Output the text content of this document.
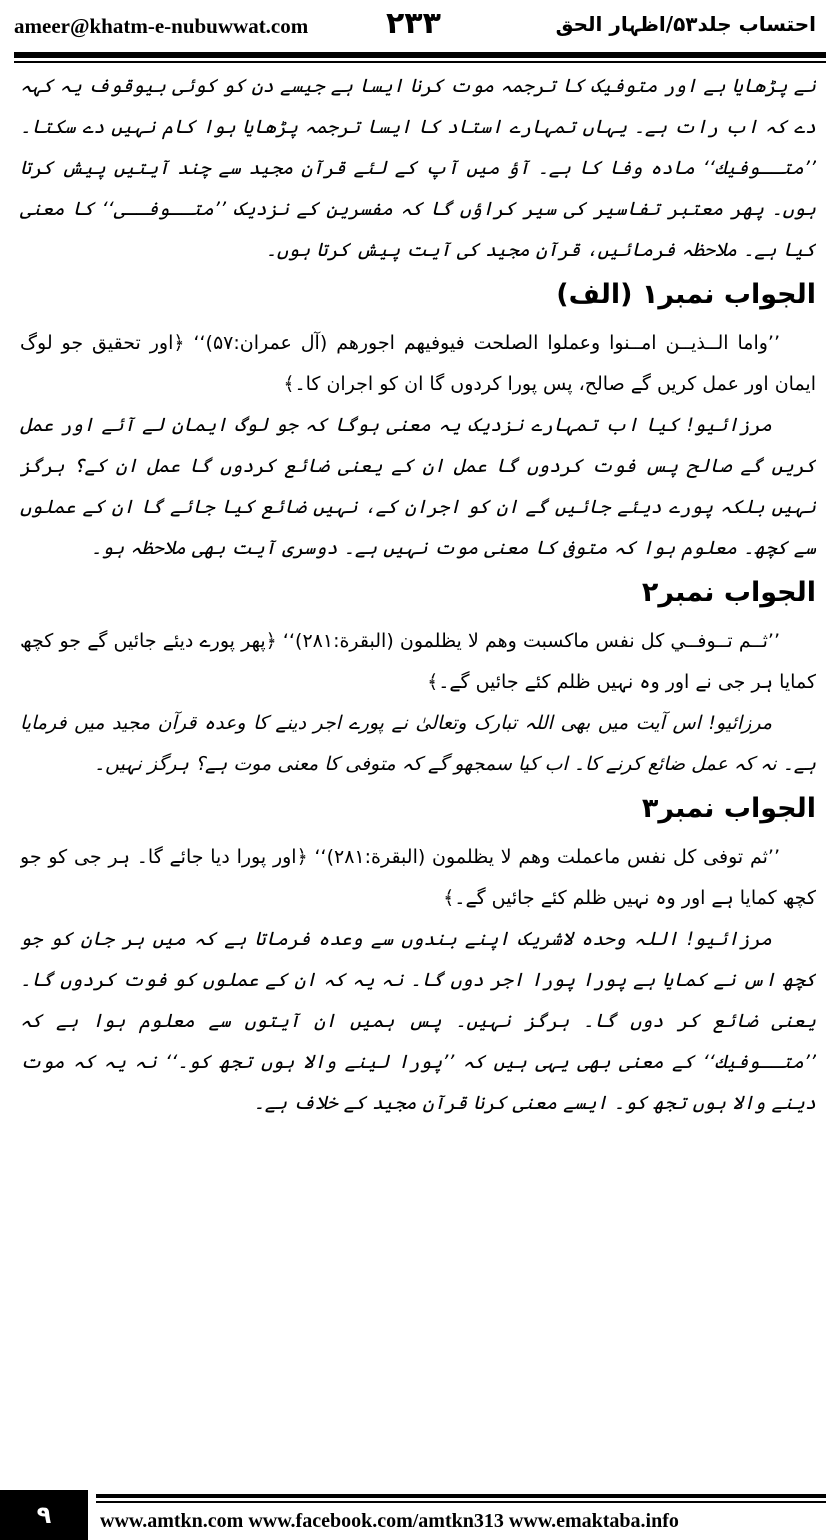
ameer@khatm-e-nubuwwat.com	۲۳۳	احتساب جلد۵۳/اظہار الحق

نے پڑھایا ہے اور متوفیک کا ترجمہ موت کرنا ایسا ہے جیسے دن کو کوئی بیوقوف یہ کہہ دے کہ اب رات ہے۔ یہاں تمہارے استاد کا ایسا ترجمہ پڑھایا ہوا کام نہیں دے سکتا۔ ’’متــوفيك‘‘ مادہ وفا کا ہے۔ آؤ میں آپ کے لئے قرآن مجید سے چند آیتیں پیش کرتا ہوں۔ پھر معتبر تفاسیر کی سیر کراؤں گا کہ مفسرین کے نزدیک ’’متــوفــی‘‘ کا معنی کیا ہے۔ ملاحظہ فرمائیں، قرآن مجید کی آیت پیش کرتا ہوں۔

الجواب نمبر۱ (الف)

’’واما الــذيــن امــنوا وعملوا الصلحت فيوفيهم اجورهم (آل عمران:۵۷)‘‘ ﴿اور تحقیق جو لوگ ایمان اور عمل کریں گے صالح، پس پورا کردوں گا ان کو اجران کا۔﴾

مرزائیو! کیا اب تمہارے نزدیک یہ معنی ہوگا کہ جو لوگ ایمان لے آئے اور عمل کریں گے صالح پس فوت کردوں گا عمل ان کے یعنی ضائع کردوں گا عمل ان کے؟ ہرگز نہیں بلکہ پورے دیئے جائیں گے ان کو اجران کے، نہیں ضائع کیا جائے گا ان کے عملوں سے کچھ۔ معلوم ہوا کہ متوفی کا معنی موت نہیں ہے۔ دوسری آیت بھی ملاحظہ ہو۔

الجواب نمبر۲

’’ثــم تــوفــي كل نفس ماكسبت وهم لا يظلمون (البقرة:۲۸۱)‘‘ ﴿پھر پورے دیئے جائیں گے جو کچھ کمایا ہر جی نے اور وہ نہیں ظلم کئے جائیں گے۔﴾

مرزائیو! اس آیت میں بھی اللہ تبارک وتعالیٰ نے پورے اجر دینے کا وعدہ قرآن مجید میں فرمایا ہے۔ نہ کہ عمل ضائع کرنے کا۔ اب کیا سمجھو گے کہ متوفی کا معنی موت ہے؟ ہرگز نہیں۔

الجواب نمبر۳

’’ثم توفى كل نفس ماعملت وهم لا يظلمون (البقرة:۲۸۱)‘‘ ﴿اور پورا دیا جائے گا۔ ہر جی کو جو کچھ کمایا ہے اور وہ نہیں ظلم کئے جائیں گے۔﴾

مرزائیو! اللہ وحدہ لاشریک اپنے بندوں سے وعدہ فرماتا ہے کہ میں ہر جان کو جو کچھ اس نے کمایا ہے پورا پورا اجر دوں گا۔ نہ یہ کہ ان کے عملوں کو فوت کردوں گا۔ یعنی ضائع کر دوں گا۔ ہرگز نہیں۔ پس ہمیں ان آیتوں سے معلوم ہوا ہے کہ ’’متــوفيك‘‘ کے معنی بھی یہی ہیں کہ ’’پورا لینے والا ہوں تجھ کو۔‘‘ نہ یہ کہ موت دینے والا ہوں تجھ کو۔ ایسے معنی کرنا قرآن مجید کے خلاف ہے۔

۹	www.amtkn.com www.facebook.com/amtkn313 www.emaktaba.info
